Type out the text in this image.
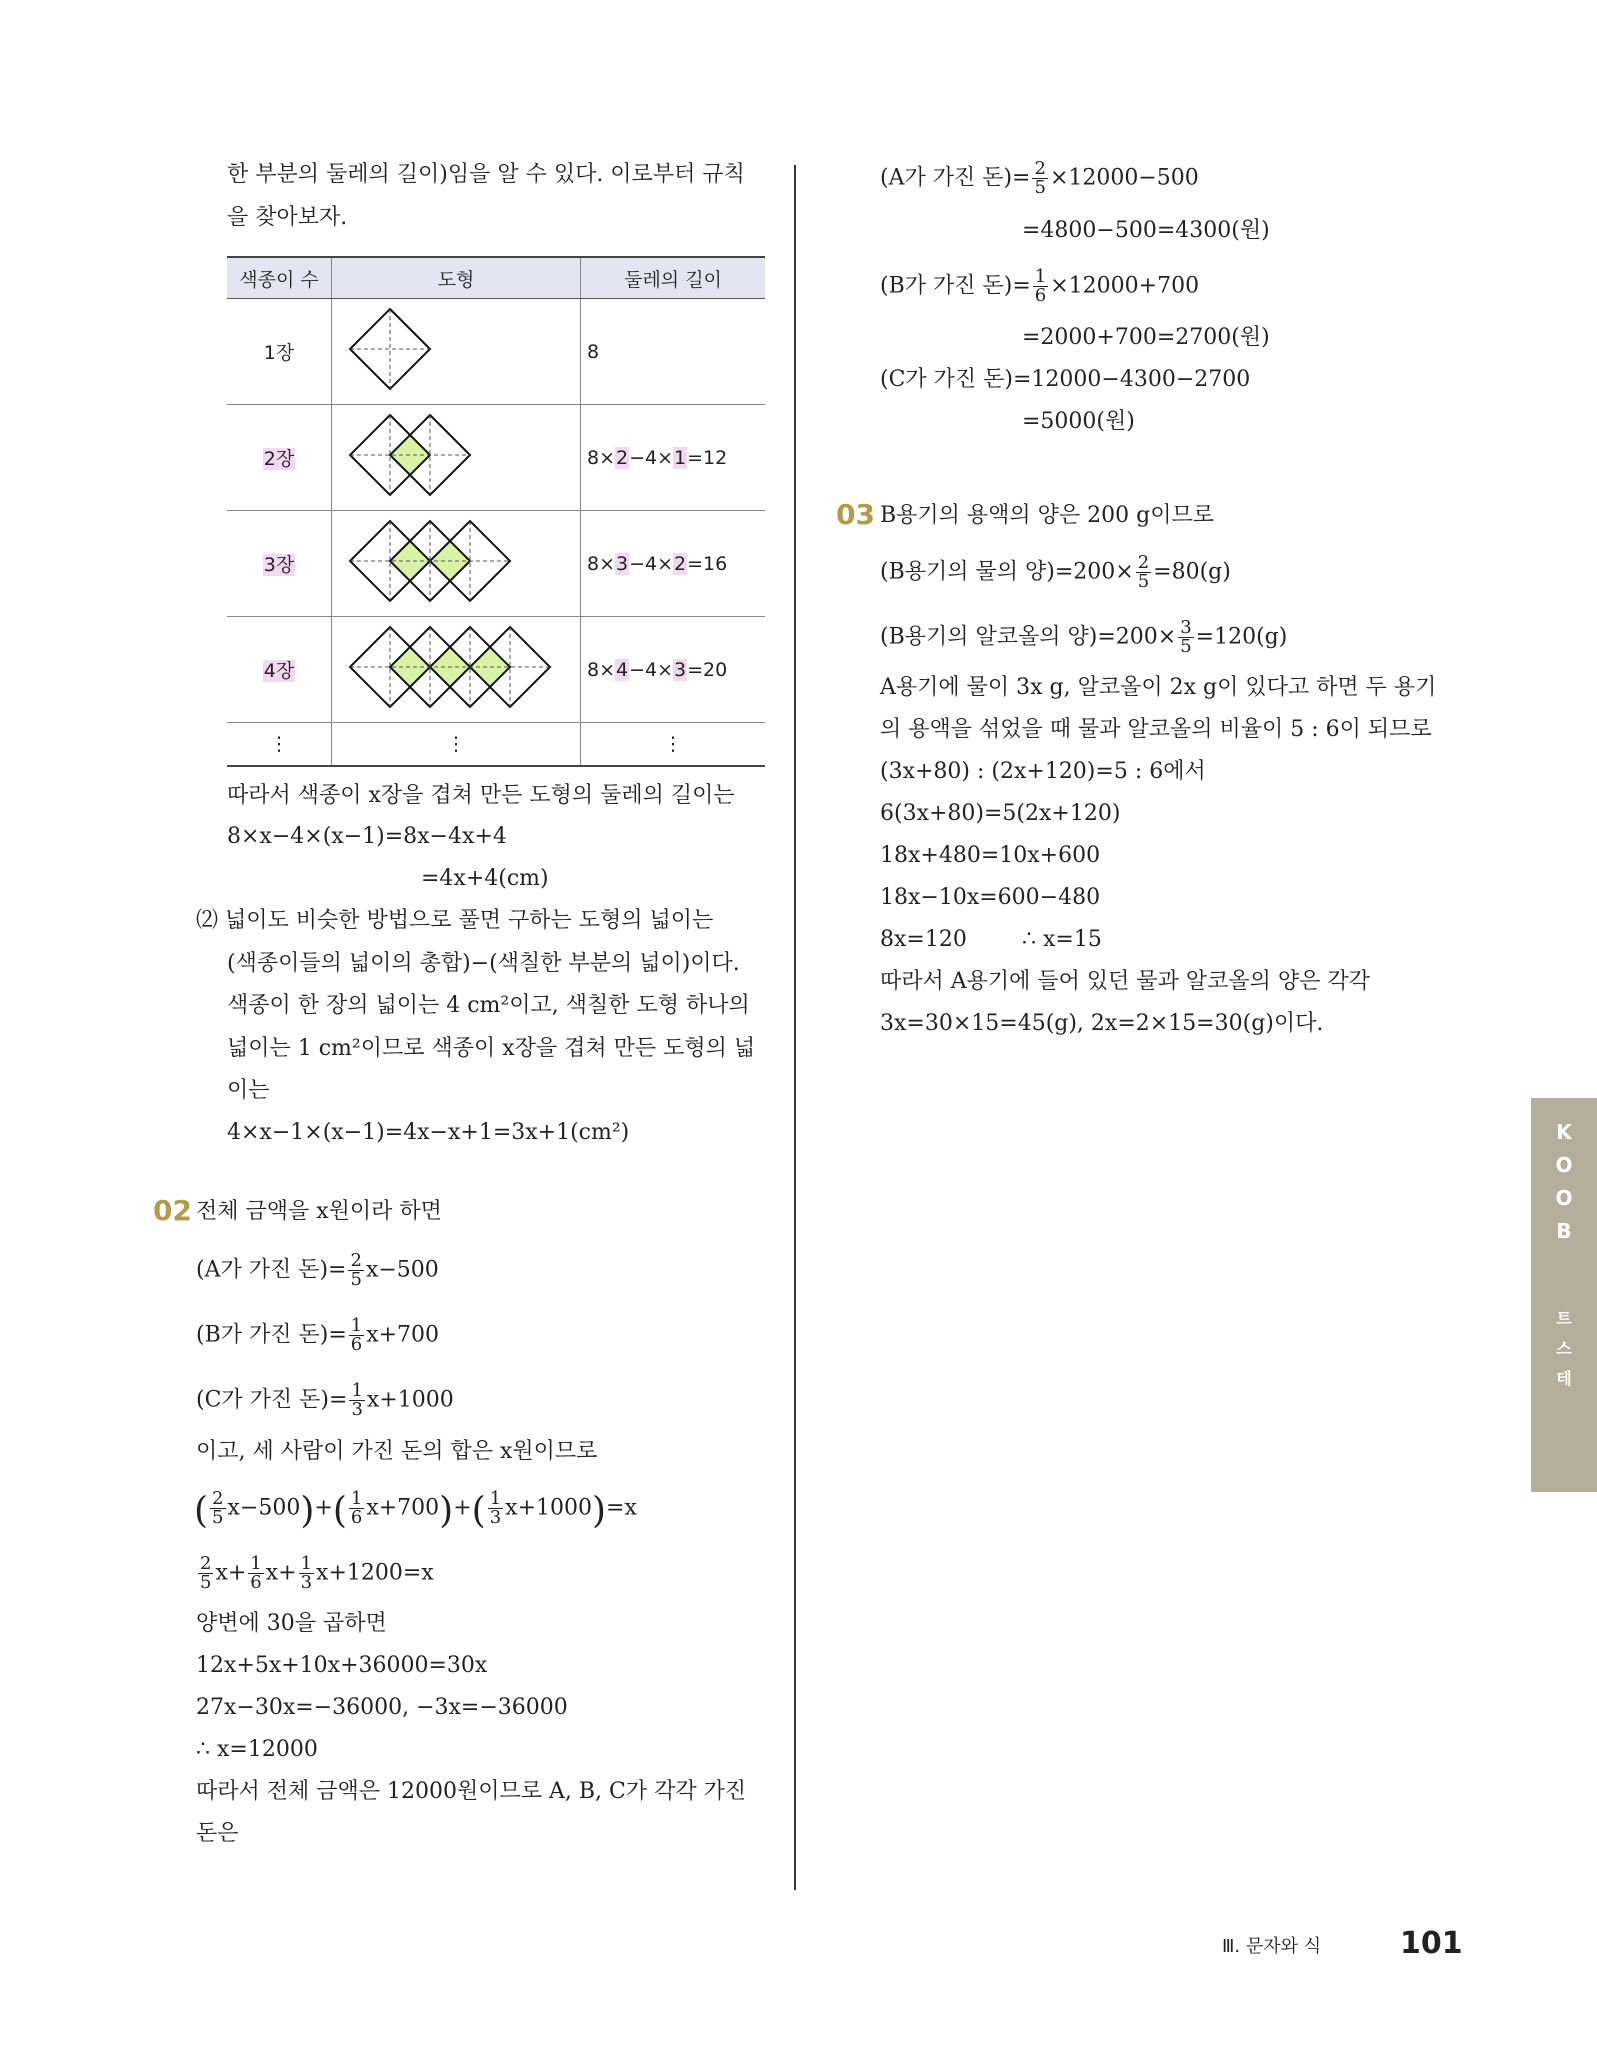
한 부분의 둘레의 길이)임을 알 수 있다. 이로부터 규칙
을 찾아보자.
색종이 수	도형	둘레의 길이
1장		8
2장		8×2−4×1=12
3장		8×3−4×2=16
4장		8×4−4×3=20
⋮	⋮	⋮
따라서 색종이 x장을 겹쳐 만든 도형의 둘레의 길이는
8×x−4×(x−1)=8x−4x+4
=4x+4(cm)
⑵ 넓이도 비슷한 방법으로 풀면 구하는 도형의 넓이는
(색종이들의 넓이의 총합)−(색칠한 부분의 넓이)이다.
색종이 한 장의 넓이는 4 cm²이고, 색칠한 도형 하나의
넓이는 1 cm²이므로 색종이 x장을 겹쳐 만든 도형의 넓
이는
4×x−1×(x−1)=4x−x+1=3x+1(cm²)
02 전체 금액을 x원이라 하면
(A가 가진 돈)= $\frac{2}{5} x-500$
(B가 가진 돈)= $\frac{1}{6} x+700$
(C가 가진 돈)= $\frac{1}{3} x+1000$
이고, 세 사람이 가진 돈의 합은 x원이므로
( $\frac{2}{5} x-500)+( \frac{1}{6} x+700)+( \frac{1}{3} x+1000)=x$
$\frac{2}{5} x+ \frac{1}{6} x+ \frac{1}{3} x+1200=x$
양변에 30을 곱하면
12x+5x+10x+36000=30x
27x−30x=−36000, −3x=−36000
∴ x=12000
따라서 전체 금액은 12000원이므로 A, B, C가 각각 가진
돈은
(A가 가진 돈)= $\frac{2}{5} \times 12000-500$
=4800−500=4300(원)
(B가 가진 돈)= $\frac{1}{6} \times 12000+700$
=2000+700=2700(원)
(C가 가진 돈)=12000−4300−2700
=5000(원)
03 B용기의 용액의 양은 200 g이므로
(B용기의 물의 양)$=200\times \frac{2}{5} =80(g)$
(B용기의 알코올의 양)$=200\times \frac{3}{5} =120(g)$
A용기에 물이 3x g, 알코올이 2x g이 있다고 하면 두 용기
의 용액을 섞었을 때 물과 알코올의 비율이 5 : 6이 되므로
(3x+80) : (2x+120)=5 : 6에서
6(3x+80)=5(2x+120)
18x+480=10x+600
18x−10x=600−480
8x=120	∴ x=15
따라서 A용기에 들어 있던 물과 알코올의 양은 각각
3x=30×15=45(g), 2x=2×15=30(g)이다.
K
O
O
B
트
스
테
Ⅲ. 문자와 식	101
